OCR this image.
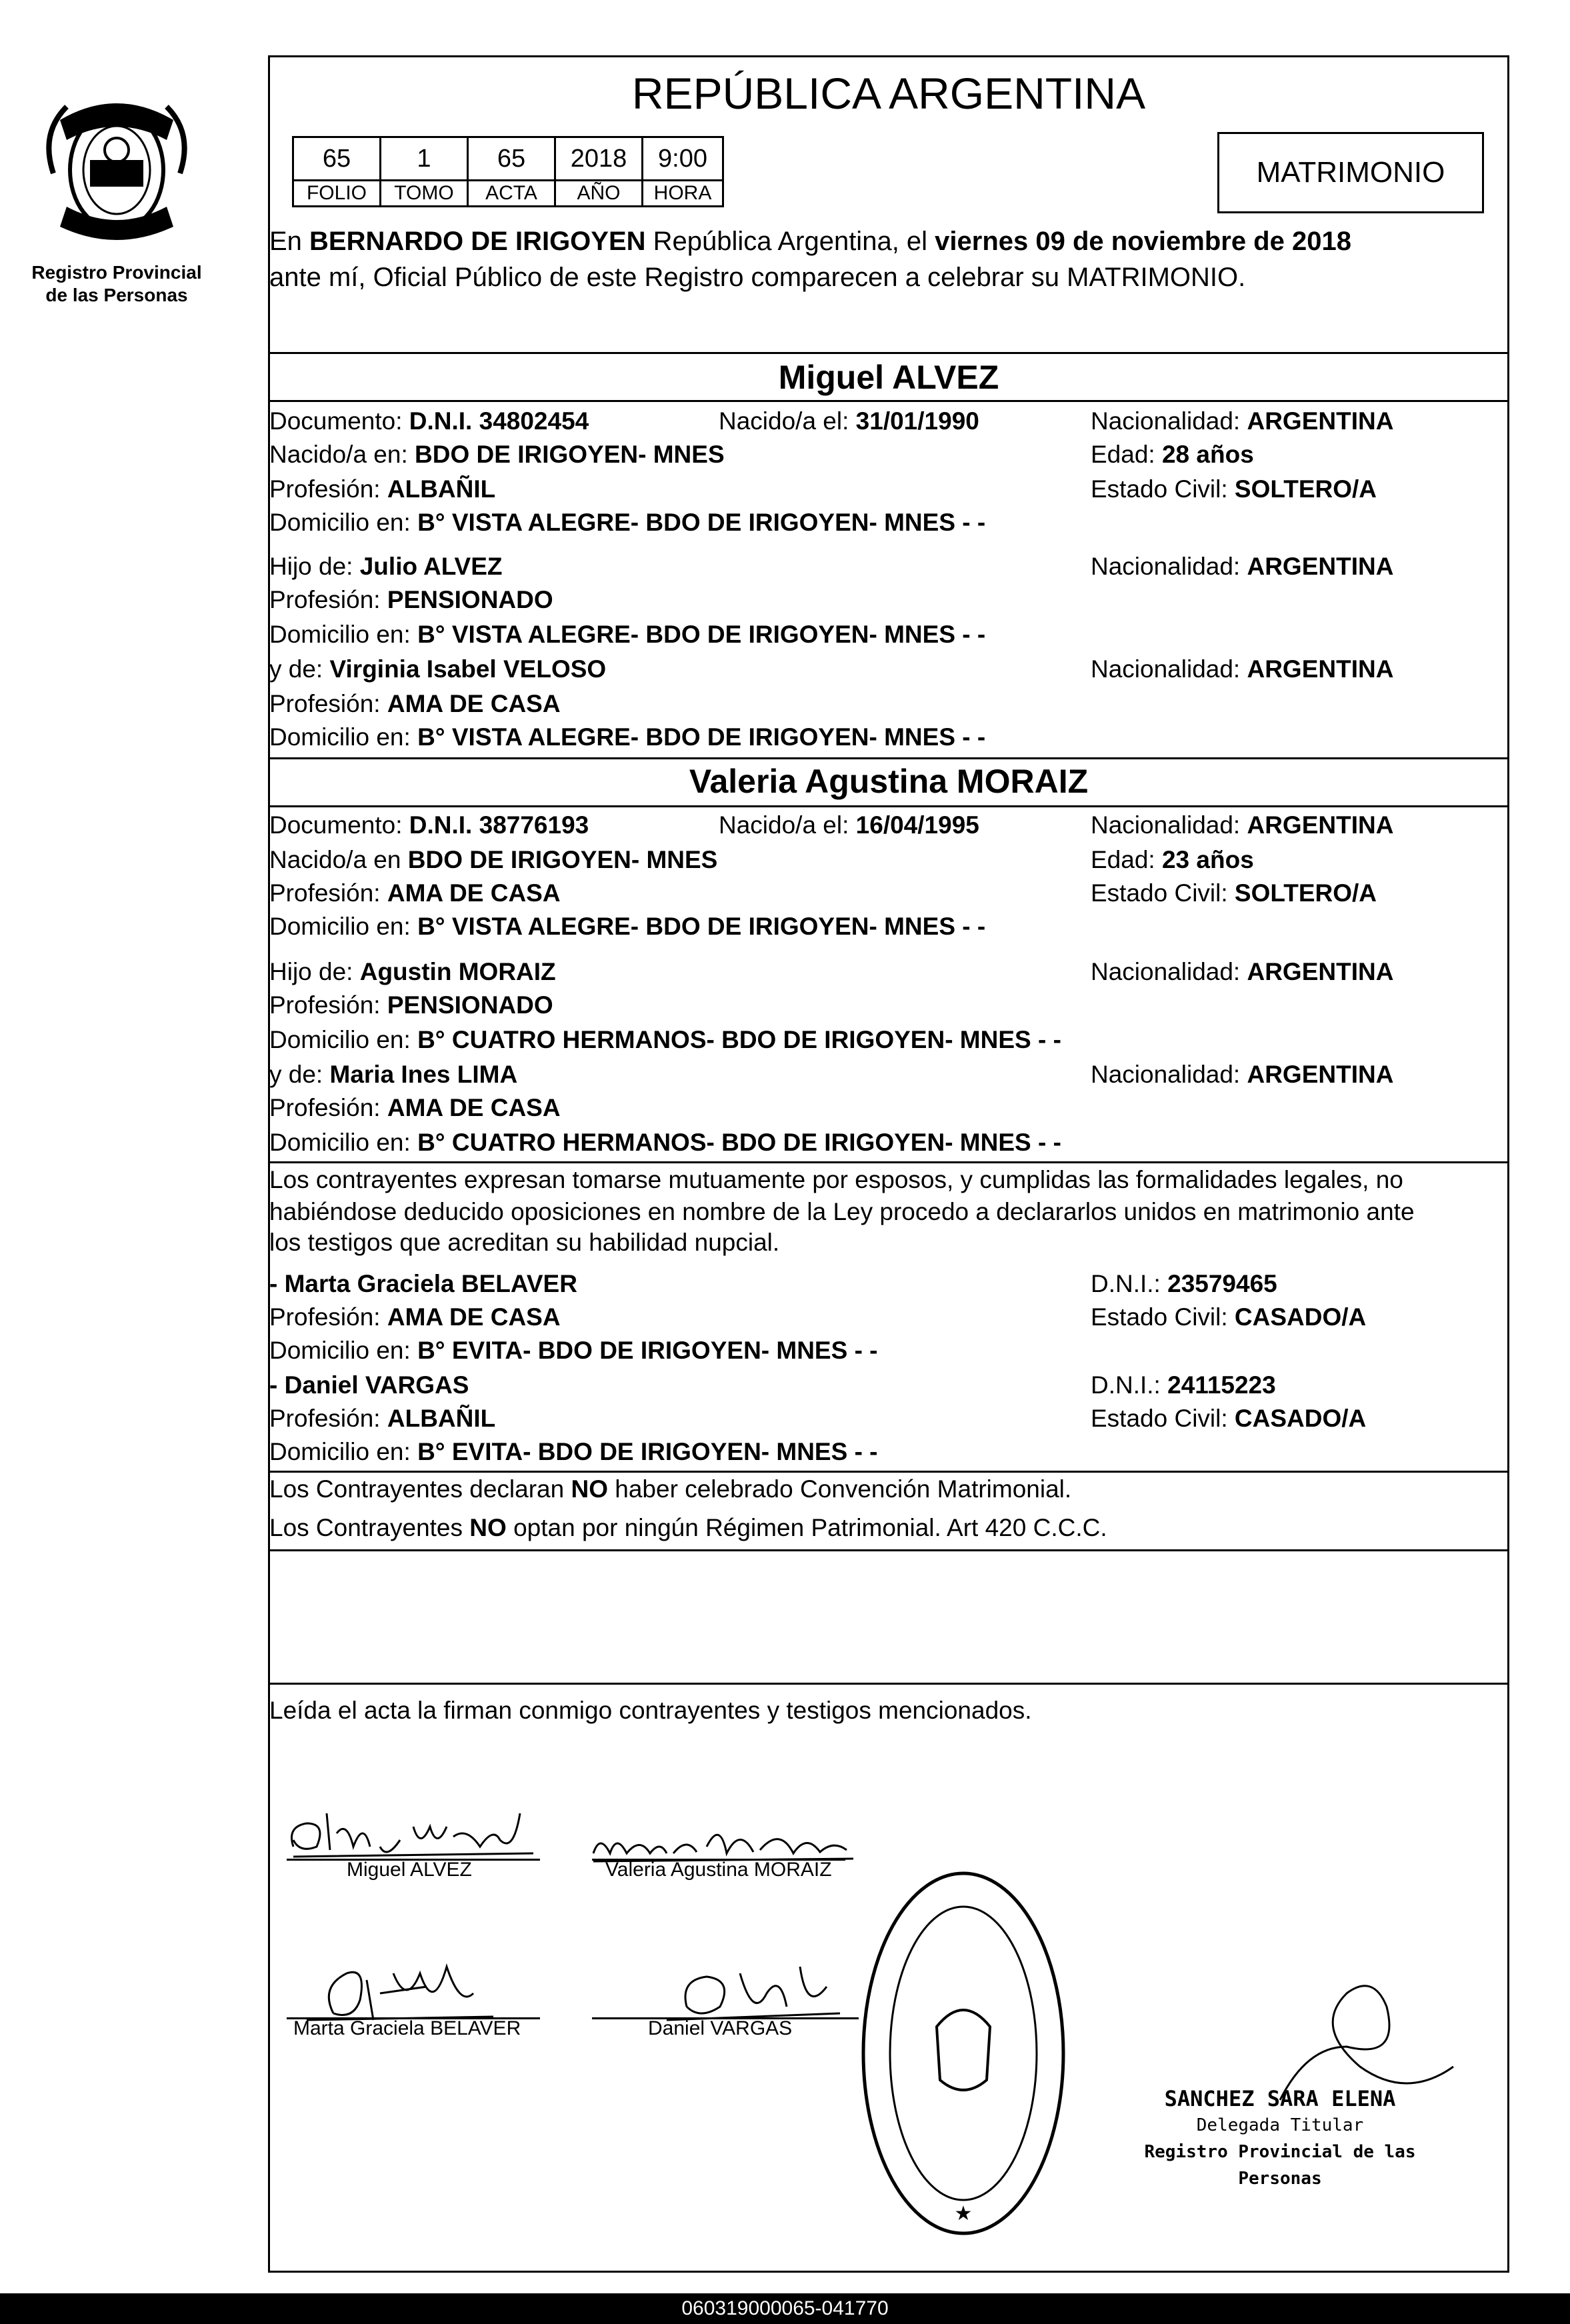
Registro Provincial
de las Personas
REPÚBLICA ARGENTINA
65	1	65	2018	9:00
FOLIO	TOMO	ACTA	AÑO	HORA
MATRIMONIO
En BERNARDO DE IRIGOYEN República Argentina, el viernes 09 de noviembre de 2018
ante mí, Oficial Público de este Registro comparecen a celebrar su MATRIMONIO.
Miguel ALVEZ
Documento: D.N.I. 34802454	Nacido/a el: 31/01/1990	Nacionalidad: ARGENTINA
Nacido/a en: BDO DE IRIGOYEN- MNES	Edad: 28 años
Profesión: ALBAÑIL	Estado Civil: SOLTERO/A
Domicilio en: B° VISTA ALEGRE- BDO DE IRIGOYEN- MNES - -
Hijo de: Julio ALVEZ	Nacionalidad: ARGENTINA
Profesión: PENSIONADO
Domicilio en: B° VISTA ALEGRE- BDO DE IRIGOYEN- MNES - -
y de: Virginia Isabel VELOSO	Nacionalidad: ARGENTINA
Profesión: AMA DE CASA
Domicilio en: B° VISTA ALEGRE- BDO DE IRIGOYEN- MNES - -
Valeria Agustina MORAIZ
Documento: D.N.I. 38776193	Nacido/a el: 16/04/1995	Nacionalidad: ARGENTINA
Nacido/a en BDO DE IRIGOYEN- MNES	Edad: 23 años
Profesión: AMA DE CASA	Estado Civil: SOLTERO/A
Domicilio en: B° VISTA ALEGRE- BDO DE IRIGOYEN- MNES - -
Hijo de: Agustin MORAIZ	Nacionalidad: ARGENTINA
Profesión: PENSIONADO
Domicilio en: B° CUATRO HERMANOS- BDO DE IRIGOYEN- MNES - -
y de: Maria Ines LIMA	Nacionalidad: ARGENTINA
Profesión: AMA DE CASA
Domicilio en: B° CUATRO HERMANOS- BDO DE IRIGOYEN- MNES - -
Los contrayentes expresan tomarse mutuamente por esposos, y cumplidas las formalidades legales, no
habiéndose deducido oposiciones en nombre de la Ley procedo a declararlos unidos en matrimonio ante
los testigos que acreditan su habilidad nupcial.
- Marta Graciela BELAVER	D.N.I.: 23579465
Profesión: AMA DE CASA	Estado Civil: CASADO/A
Domicilio en: B° EVITA- BDO DE IRIGOYEN- MNES - -
- Daniel VARGAS	D.N.I.: 24115223
Profesión: ALBAÑIL	Estado Civil: CASADO/A
Domicilio en: B° EVITA- BDO DE IRIGOYEN- MNES - -
Los Contrayentes declaran NO haber celebrado Convención Matrimonial.
Los Contrayentes NO optan por ningún Régimen Patrimonial. Art 420 C.C.C.
Leída el acta la firman conmigo contrayentes y testigos mencionados.
Miguel ALVEZ	Valeria Agustina MORAIZ
Marta Graciela BELAVER	Daniel VARGAS
★
SANCHEZ SARA ELENA
Delegada Titular
Registro Provincial de las Personas
060319000065-041770
